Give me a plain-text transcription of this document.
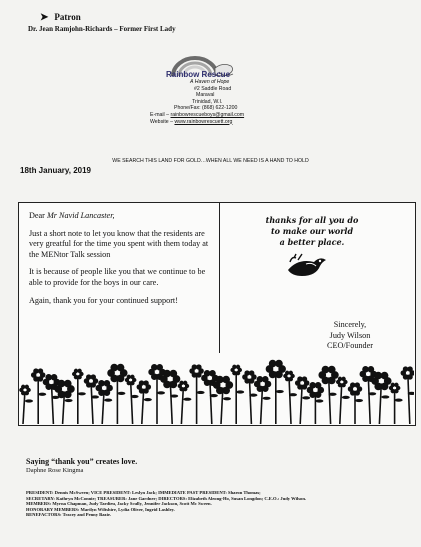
➤ Patron
Dr. Jean Ramjohn-Richards – Former First Lady
Rainbow Rescue
A Haven of Hope
#2 Saddle Road
Maraval
Trinidad, W.I.
Phone/Fax: (868) 622-1200
E-mail – rainbowrescueboys@gmail.com
Website – www.rainbowrescuett.org
WE SEARCH THIS LAND FOR GOLD…WHEN ALL WE NEED IS A HAND TO HOLD
18th January, 2019

Dear Mr Navid Lancaster,

Just a short note to let you know that the residents are very greatful for the time you spent with them today at the MENtor Talk session

It is because of people like you that we continue to be able to provide for the boys in our care.

Again, thank you for your continued support!

thanks for all you do
to make our world
a better place.
Sincerely,
Judy Wilson
CEO/Founder
Saying “thank you” creates love.
Daphne Rose Kingma
PRESIDENT: Dennis McSween; VICE PRESIDENT: Leslyn Jack; IMMEDIATE PAST PRESIDENT: Sharon Thomas;
SECRETARY: Kathryn McConnie; TREASURER: Jane Gardner; DIRECTORS: Elizabeth Aleong-Ho, Susan Longdon; C.E.O.: Judy Wilson.
MEMBERS: Myrna Chapman, Judy Tardieu, Jacky Scully, Jennifer Jackson, Scott Mc Sween.
HONORARY MEMBERS: Marilyn Wiltshire, Lydia Oliver, Ingrid Lashley.
BENEFACTORS: Tracey and Penny Bazie.
